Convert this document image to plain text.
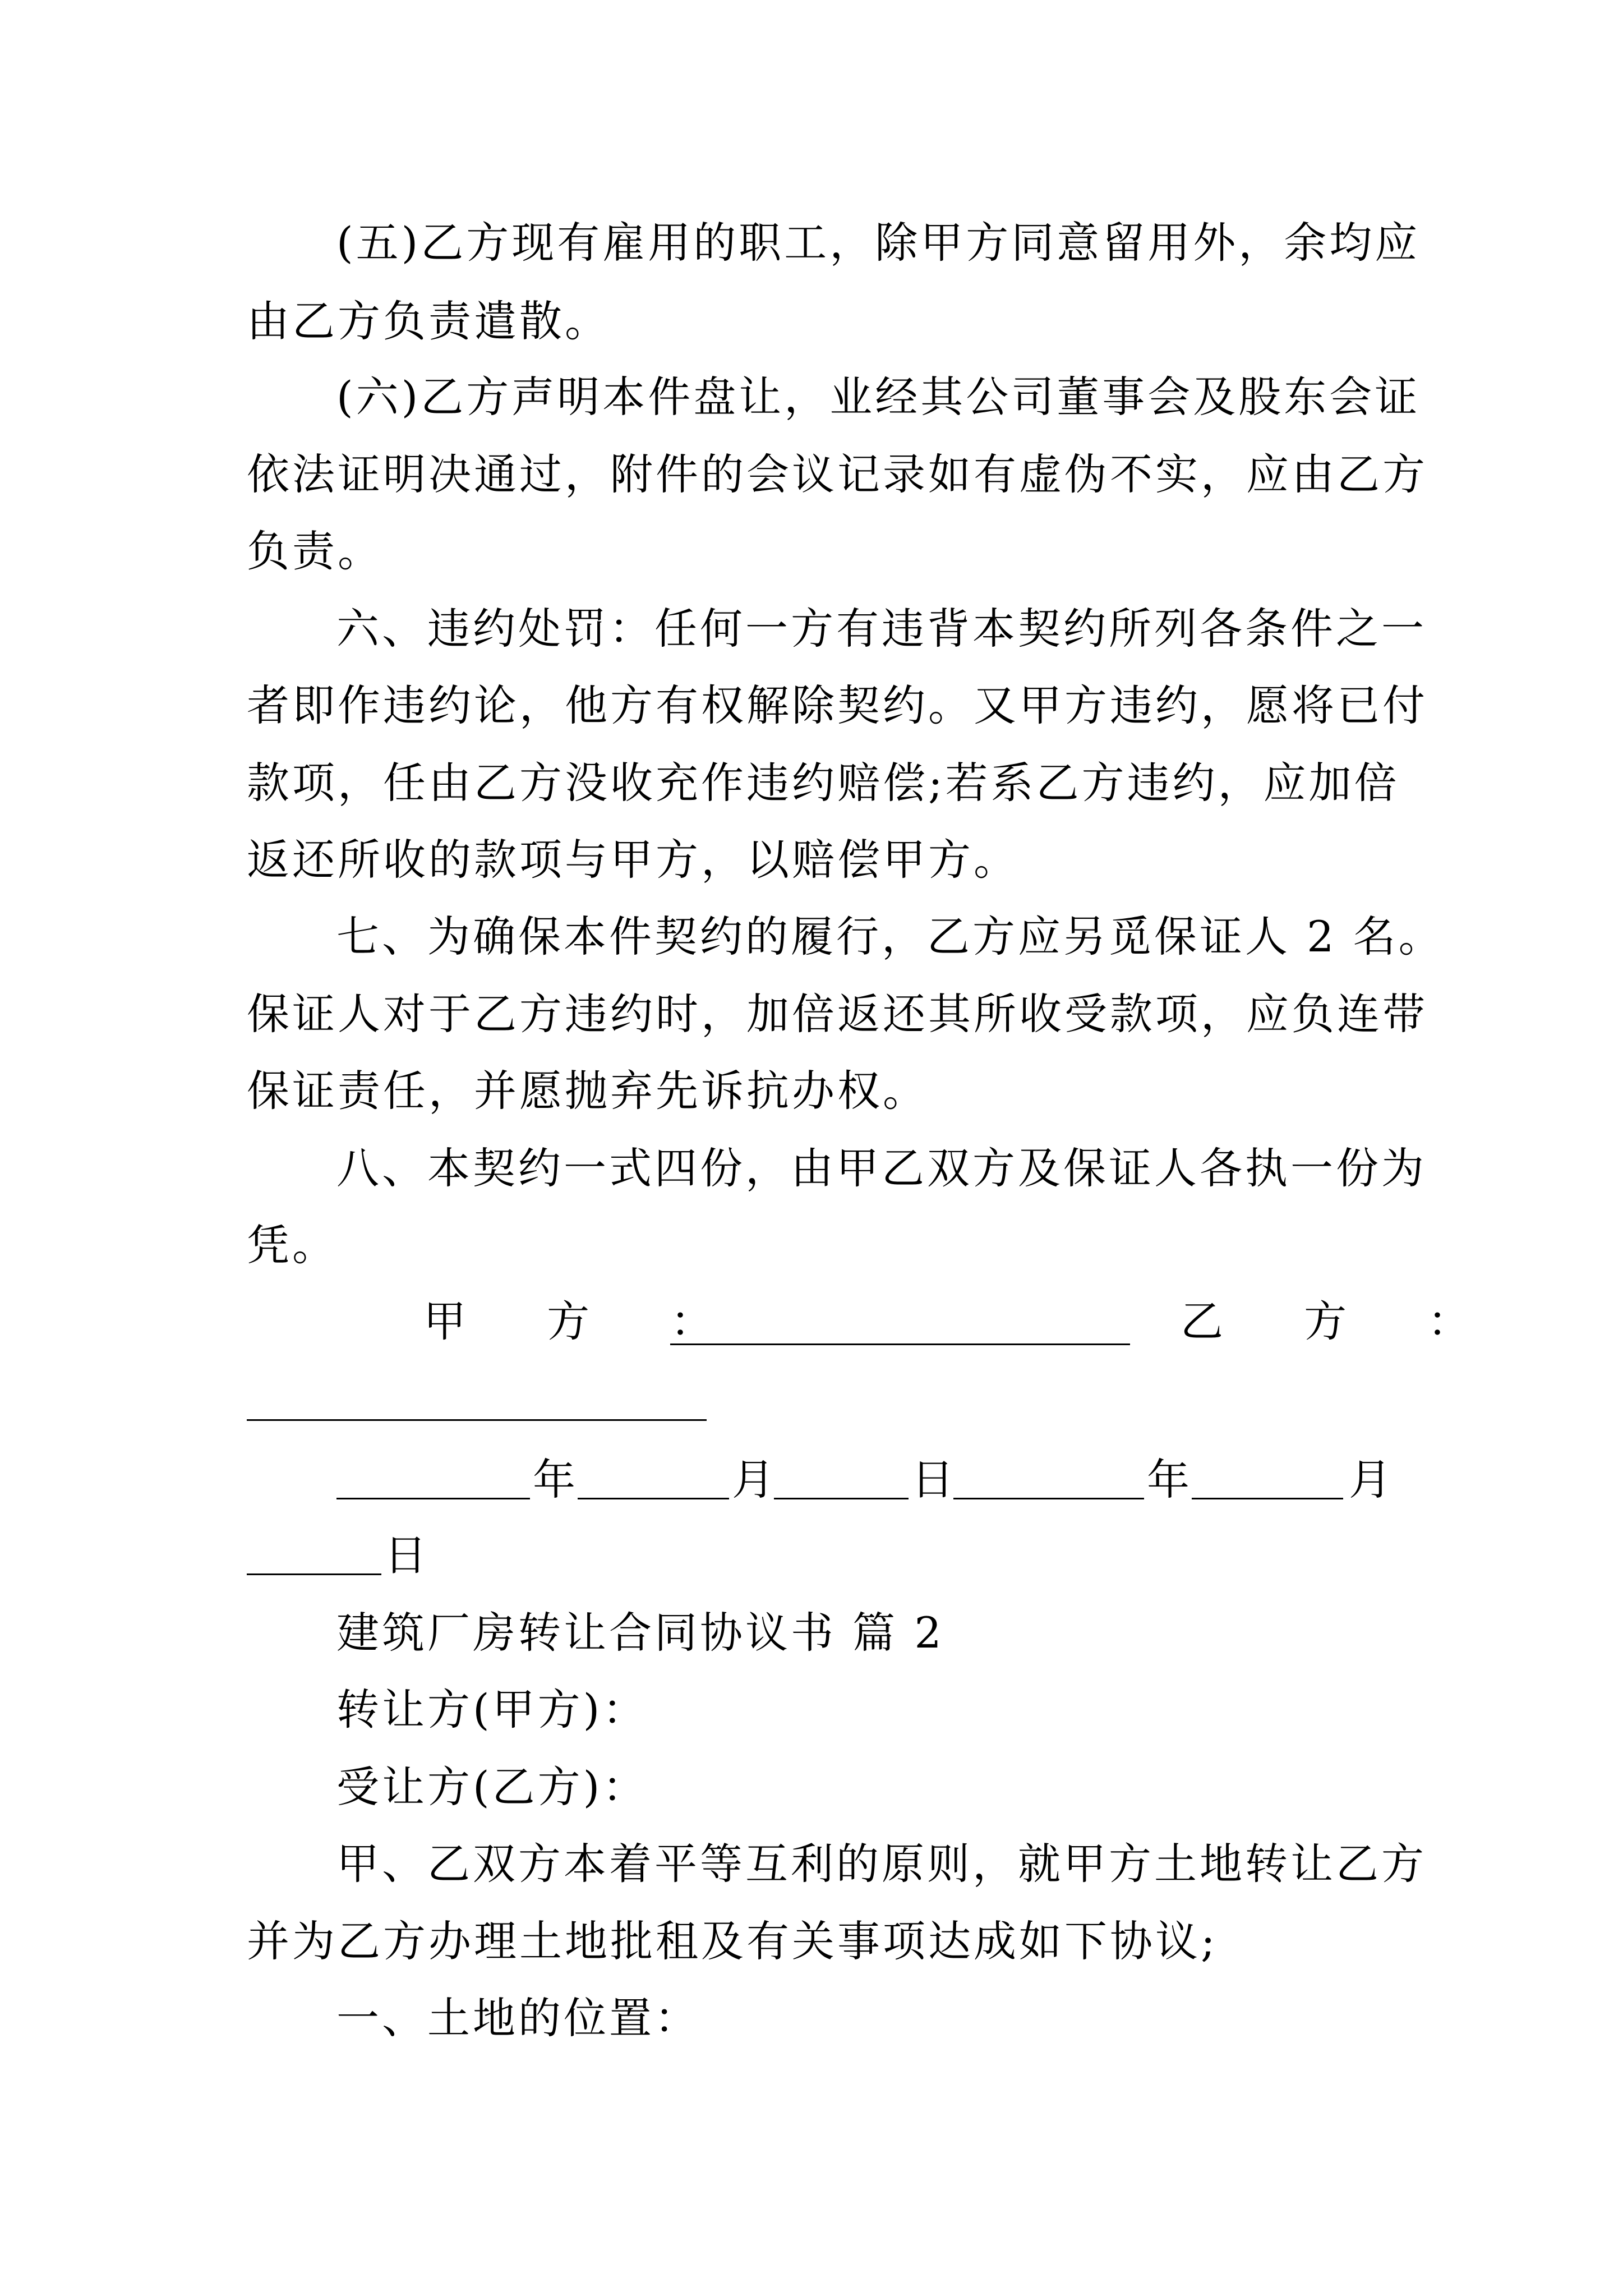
(五)乙方现有雇用的职工，除甲方同意留用外，余均应
由乙方负责遣散。
(六)乙方声明本件盘让，业经其公司董事会及股东会证
依法证明决通过，附件的会议记录如有虚伪不实，应由乙方
负责。
六、违约处罚：任何一方有违背本契约所列各条件之一
者即作违约论，他方有权解除契约。又甲方违约，愿将已付
款项，任由乙方没收充作违约赔偿;若系乙方违约，应加倍
返还所收的款项与甲方，以赔偿甲方。
七、为确保本件契约的履行，乙方应另觅保证人 2 名。
保证人对于乙方违约时，加倍返还其所收受款项，应负连带
保证责任，并愿抛弃先诉抗办权。
八、本契约一式四份，由甲乙双方及保证人各执一份为
凭。
甲 方 ：	乙 方 ：
年	月	日	年	月
日
建筑厂房转让合同协议书 篇 2
转让方(甲方)：
受让方(乙方)：
甲、乙双方本着平等互利的原则，就甲方土地转让乙方
并为乙方办理土地批租及有关事项达成如下协议;
一、土地的位置：
